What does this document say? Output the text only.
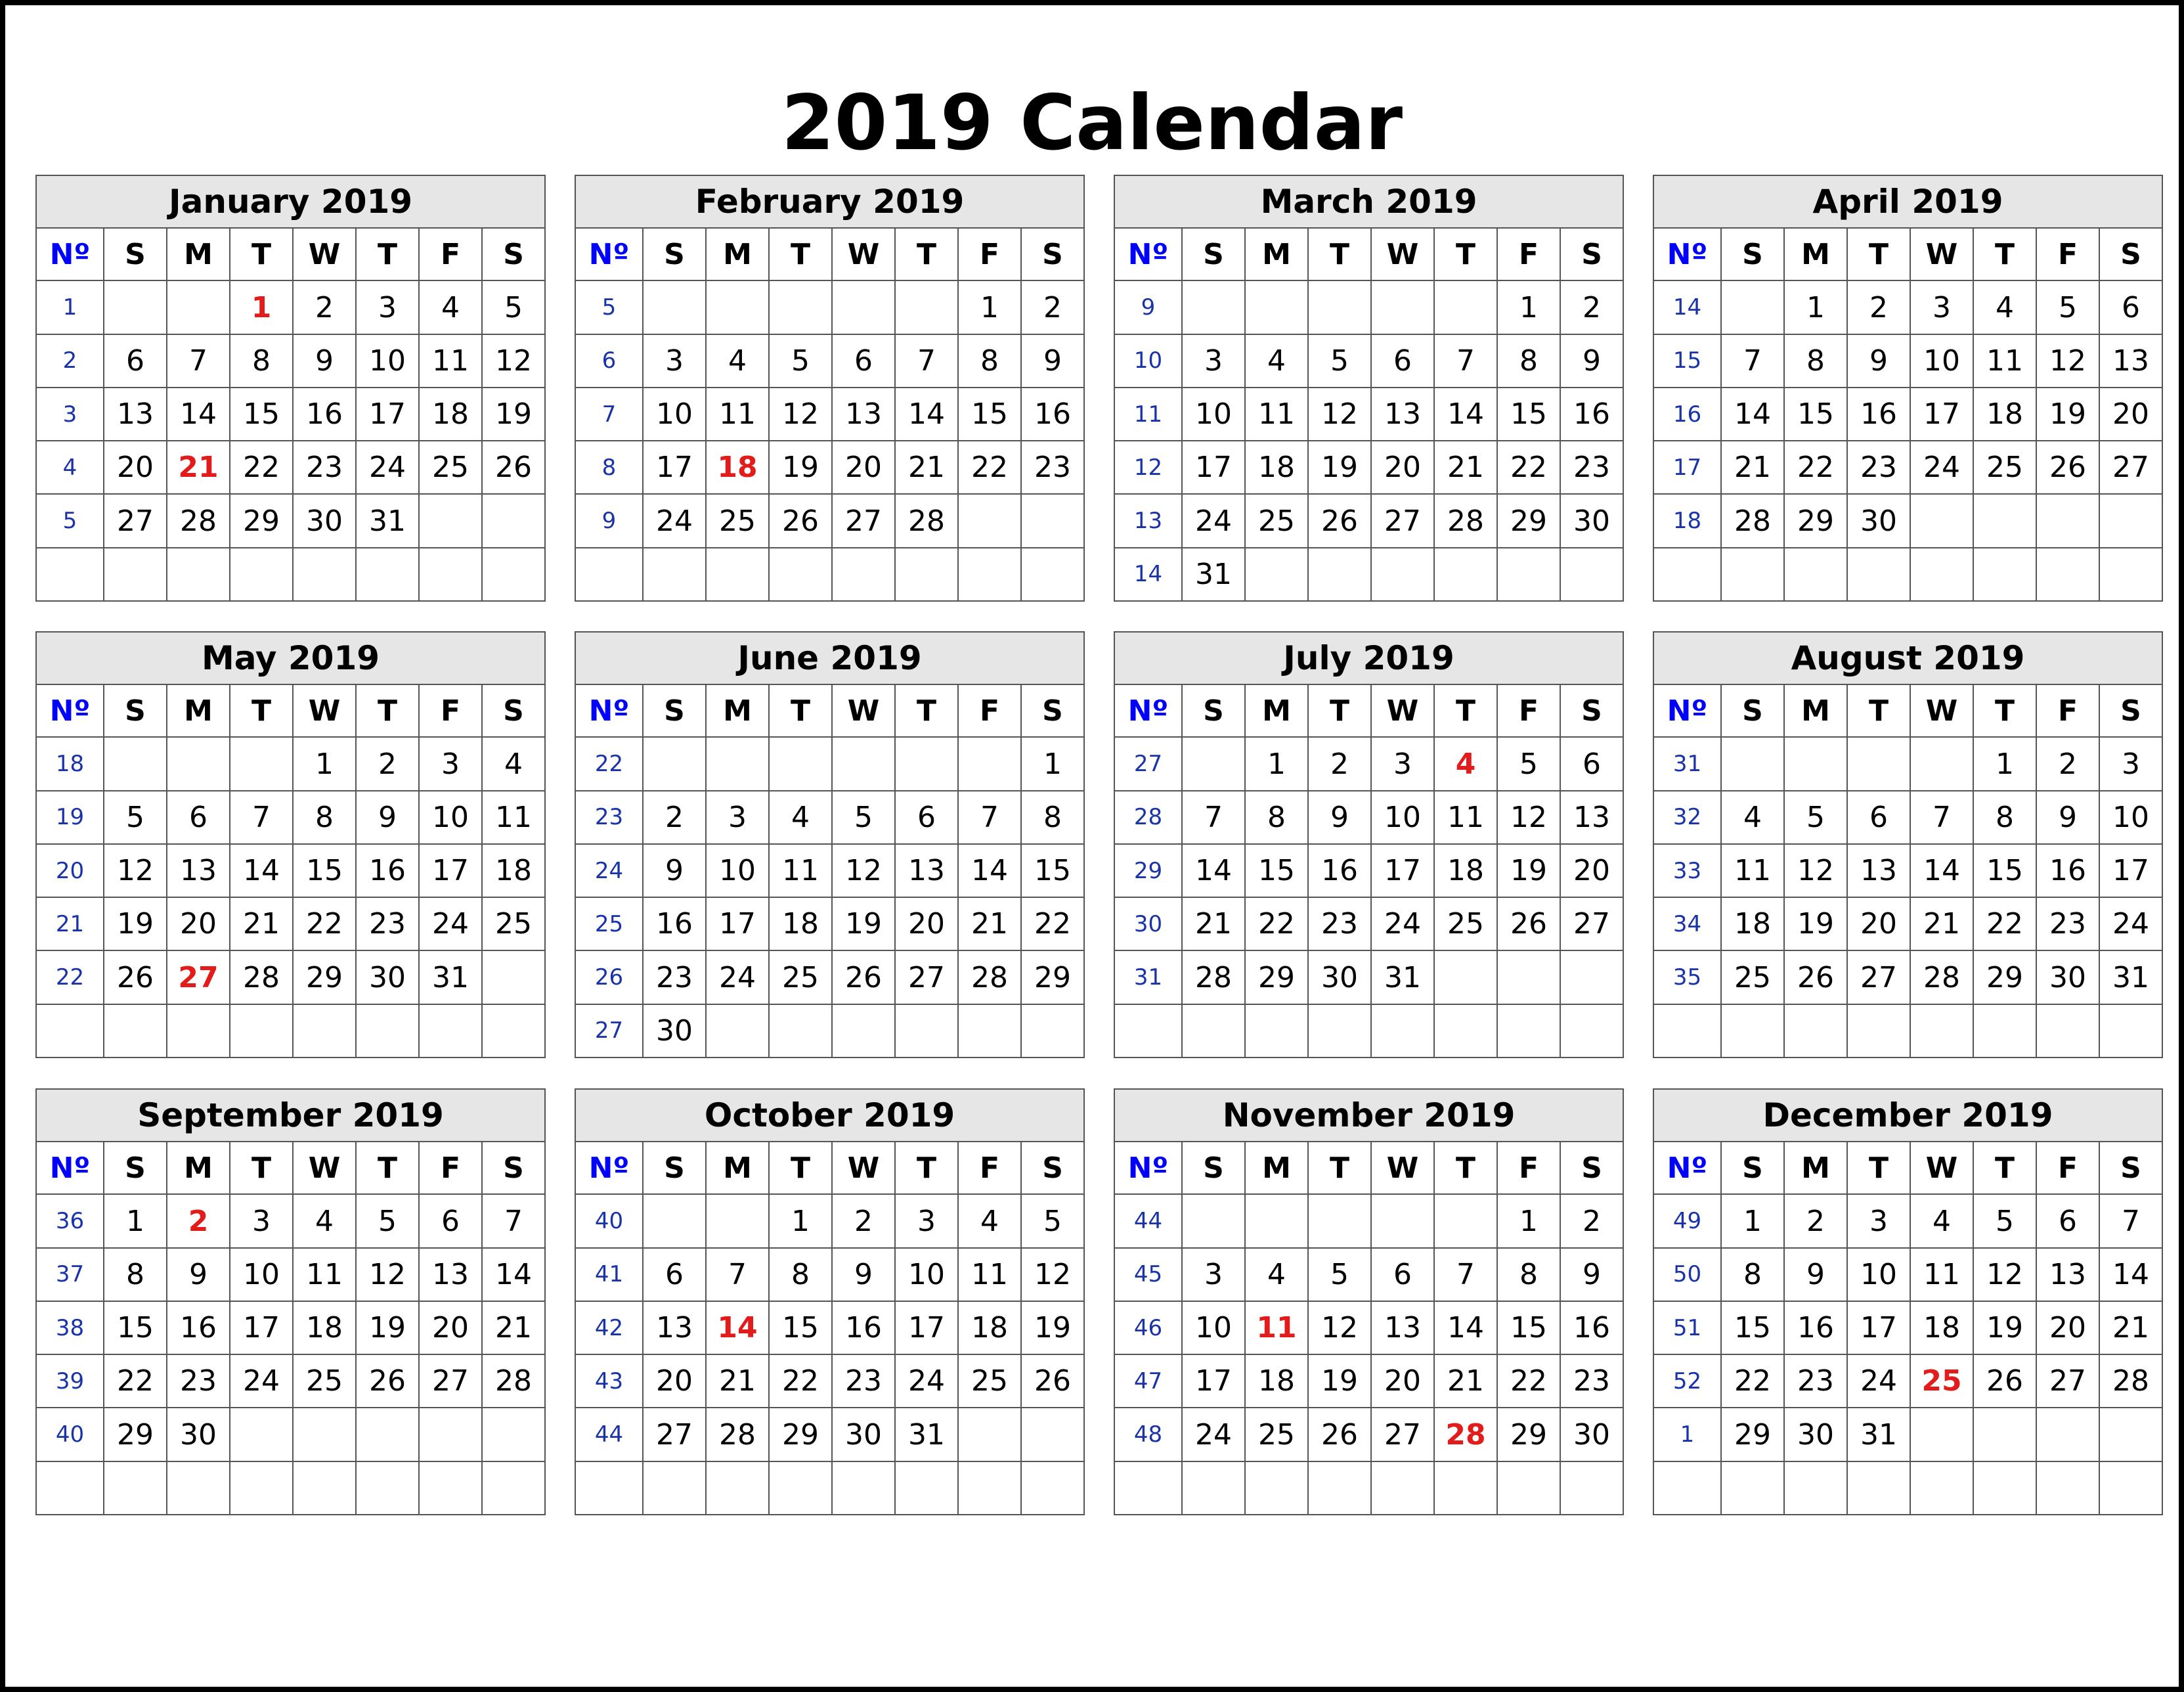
2019 Calendar
January 2019							
Nº	S	M	T	W	T	F	S
1			1	2	3	4	5
2	6	7	8	9	10	11	12
3	13	14	15	16	17	18	19
4	20	21	22	23	24	25	26
5	27	28	29	30	31		

February 2019							
Nº	S	M	T	W	T	F	S
5						1	2
6	3	4	5	6	7	8	9
7	10	11	12	13	14	15	16
8	17	18	19	20	21	22	23
9	24	25	26	27	28		

March 2019							
Nº	S	M	T	W	T	F	S
9						1	2
10	3	4	5	6	7	8	9
11	10	11	12	13	14	15	16
12	17	18	19	20	21	22	23
13	24	25	26	27	28	29	30
14	31						
April 2019							
Nº	S	M	T	W	T	F	S
14		1	2	3	4	5	6
15	7	8	9	10	11	12	13
16	14	15	16	17	18	19	20
17	21	22	23	24	25	26	27
18	28	29	30				

May 2019							
Nº	S	M	T	W	T	F	S
18				1	2	3	4
19	5	6	7	8	9	10	11
20	12	13	14	15	16	17	18
21	19	20	21	22	23	24	25
22	26	27	28	29	30	31	

June 2019							
Nº	S	M	T	W	T	F	S
22							1
23	2	3	4	5	6	7	8
24	9	10	11	12	13	14	15
25	16	17	18	19	20	21	22
26	23	24	25	26	27	28	29
27	30						
July 2019							
Nº	S	M	T	W	T	F	S
27		1	2	3	4	5	6
28	7	8	9	10	11	12	13
29	14	15	16	17	18	19	20
30	21	22	23	24	25	26	27
31	28	29	30	31			

August 2019							
Nº	S	M	T	W	T	F	S
31					1	2	3
32	4	5	6	7	8	9	10
33	11	12	13	14	15	16	17
34	18	19	20	21	22	23	24
35	25	26	27	28	29	30	31

September 2019							
Nº	S	M	T	W	T	F	S
36	1	2	3	4	5	6	7
37	8	9	10	11	12	13	14
38	15	16	17	18	19	20	21
39	22	23	24	25	26	27	28
40	29	30					

October 2019							
Nº	S	M	T	W	T	F	S
40			1	2	3	4	5
41	6	7	8	9	10	11	12
42	13	14	15	16	17	18	19
43	20	21	22	23	24	25	26
44	27	28	29	30	31		

November 2019							
Nº	S	M	T	W	T	F	S
44						1	2
45	3	4	5	6	7	8	9
46	10	11	12	13	14	15	16
47	17	18	19	20	21	22	23
48	24	25	26	27	28	29	30

December 2019							
Nº	S	M	T	W	T	F	S
49	1	2	3	4	5	6	7
50	8	9	10	11	12	13	14
51	15	16	17	18	19	20	21
52	22	23	24	25	26	27	28
1	29	30	31				
